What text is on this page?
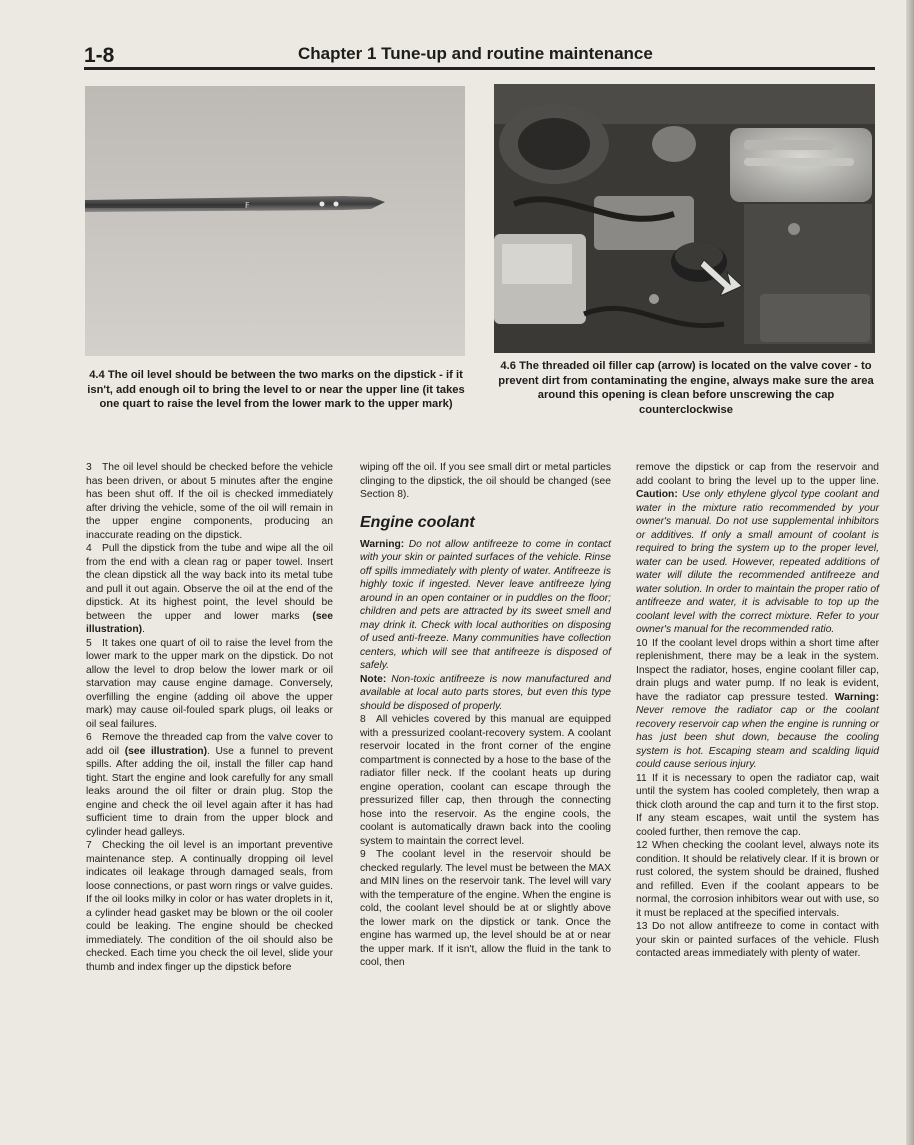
1-8	Chapter 1 Tune-up and routine maintenance
F
4.4 The oil level should be between the two marks on the dipstick - if it isn't, add enough oil to bring the level to or near the upper line (it takes one quart to raise the level from the lower mark to the upper mark)
4.6 The threaded oil filler cap (arrow) is located on the valve cover - to prevent dirt from contaminating the engine, always make sure the area around this opening is clean before unscrewing the cap counterclockwise

3 The oil level should be checked before the vehicle has been driven, or about 5 minutes after the engine has been shut off. If the oil is checked immediately after driving the vehicle, some of the oil will remain in the upper engine components, producing an inaccurate reading on the dipstick.

4 Pull the dipstick from the tube and wipe all the oil from the end with a clean rag or paper towel. Insert the clean dipstick all the way back into its metal tube and pull it out again. Observe the oil at the end of the dipstick. At its highest point, the level should be between the upper and lower marks (see illustration).

5 It takes one quart of oil to raise the level from the lower mark to the upper mark on the dipstick. Do not allow the level to drop below the lower mark or oil starvation may cause engine damage. Conversely, overfilling the engine (adding oil above the upper mark) may cause oil-fouled spark plugs, oil leaks or oil seal failures.

6 Remove the threaded cap from the valve cover to add oil (see illustration). Use a funnel to prevent spills. After adding the oil, install the filler cap hand tight. Start the engine and look carefully for any small leaks around the oil filter or drain plug. Stop the engine and check the oil level again after it has had sufficient time to drain from the upper block and cylinder head galleys.

7 Checking the oil level is an important preventive maintenance step. A continually dropping oil level indicates oil leakage through damaged seals, from loose connections, or past worn rings or valve guides. If the oil looks milky in color or has water droplets in it, a cylinder head gasket may be blown or the oil cooler could be leaking. The engine should be checked immediately. The condition of the oil should also be checked. Each time you check the oil level, slide your thumb and index finger up the dipstick before

wiping off the oil. If you see small dirt or metal particles clinging to the dipstick, the oil should be changed (see Section 8).

Engine coolant

Warning: Do not allow antifreeze to come in contact with your skin or painted surfaces of the vehicle. Rinse off spills immediately with plenty of water. Antifreeze is highly toxic if ingested. Never leave antifreeze lying around in an open container or in puddles on the floor; children and pets are attracted by its sweet smell and may drink it. Check with local authorities on disposing of used anti-freeze. Many communities have collection centers, which will see that antifreeze is disposed of safely.

Note: Non-toxic antifreeze is now manufactured and available at local auto parts stores, but even this type should be disposed of properly.

8 All vehicles covered by this manual are equipped with a pressurized coolant-recovery system. A coolant reservoir located in the front corner of the engine compartment is connected by a hose to the base of the radiator filler neck. If the coolant heats up during engine operation, coolant can escape through the pressurized filler cap, then through the connecting hose into the reservoir. As the engine cools, the coolant is automatically drawn back into the cooling system to maintain the correct level.

9 The coolant level in the reservoir should be checked regularly. The level must be between the MAX and MIN lines on the reservoir tank. The level will vary with the temperature of the engine. When the engine is cold, the coolant level should be at or slightly above the lower mark on the dipstick or tank. Once the engine has warmed up, the level should be at or near the upper mark. If it isn't, allow the fluid in the tank to cool, then

remove the dipstick or cap from the reservoir and add coolant to bring the level up to the upper line. Caution: Use only ethylene glycol type coolant and water in the mixture ratio recommended by your owner's manual. Do not use supplemental inhibitors or additives. If only a small amount of coolant is required to bring the system up to the proper level, water can be used. However, repeated additions of water will dilute the recommended antifreeze and water solution. In order to maintain the proper ratio of antifreeze and water, it is advisable to top up the coolant level with the correct mixture. Refer to your owner's manual for the recommended ratio.

10 If the coolant level drops within a short time after replenishment, there may be a leak in the system. Inspect the radiator, hoses, engine coolant filler cap, drain plugs and water pump. If no leak is evident, have the radiator cap pressure tested. Warning: Never remove the radiator cap or the coolant recovery reservoir cap when the engine is running or has just been shut down, because the cooling system is hot. Escaping steam and scalding liquid could cause serious injury.

11 If it is necessary to open the radiator cap, wait until the system has cooled completely, then wrap a thick cloth around the cap and turn it to the first stop. If any steam escapes, wait until the system has cooled further, then remove the cap.

12 When checking the coolant level, always note its condition. It should be relatively clear. If it is brown or rust colored, the system should be drained, flushed and refilled. Even if the coolant appears to be normal, the corrosion inhibitors wear out with use, so it must be replaced at the specified intervals.

13 Do not allow antifreeze to come in contact with your skin or painted surfaces of the vehicle. Flush contacted areas immediately with plenty of water.
